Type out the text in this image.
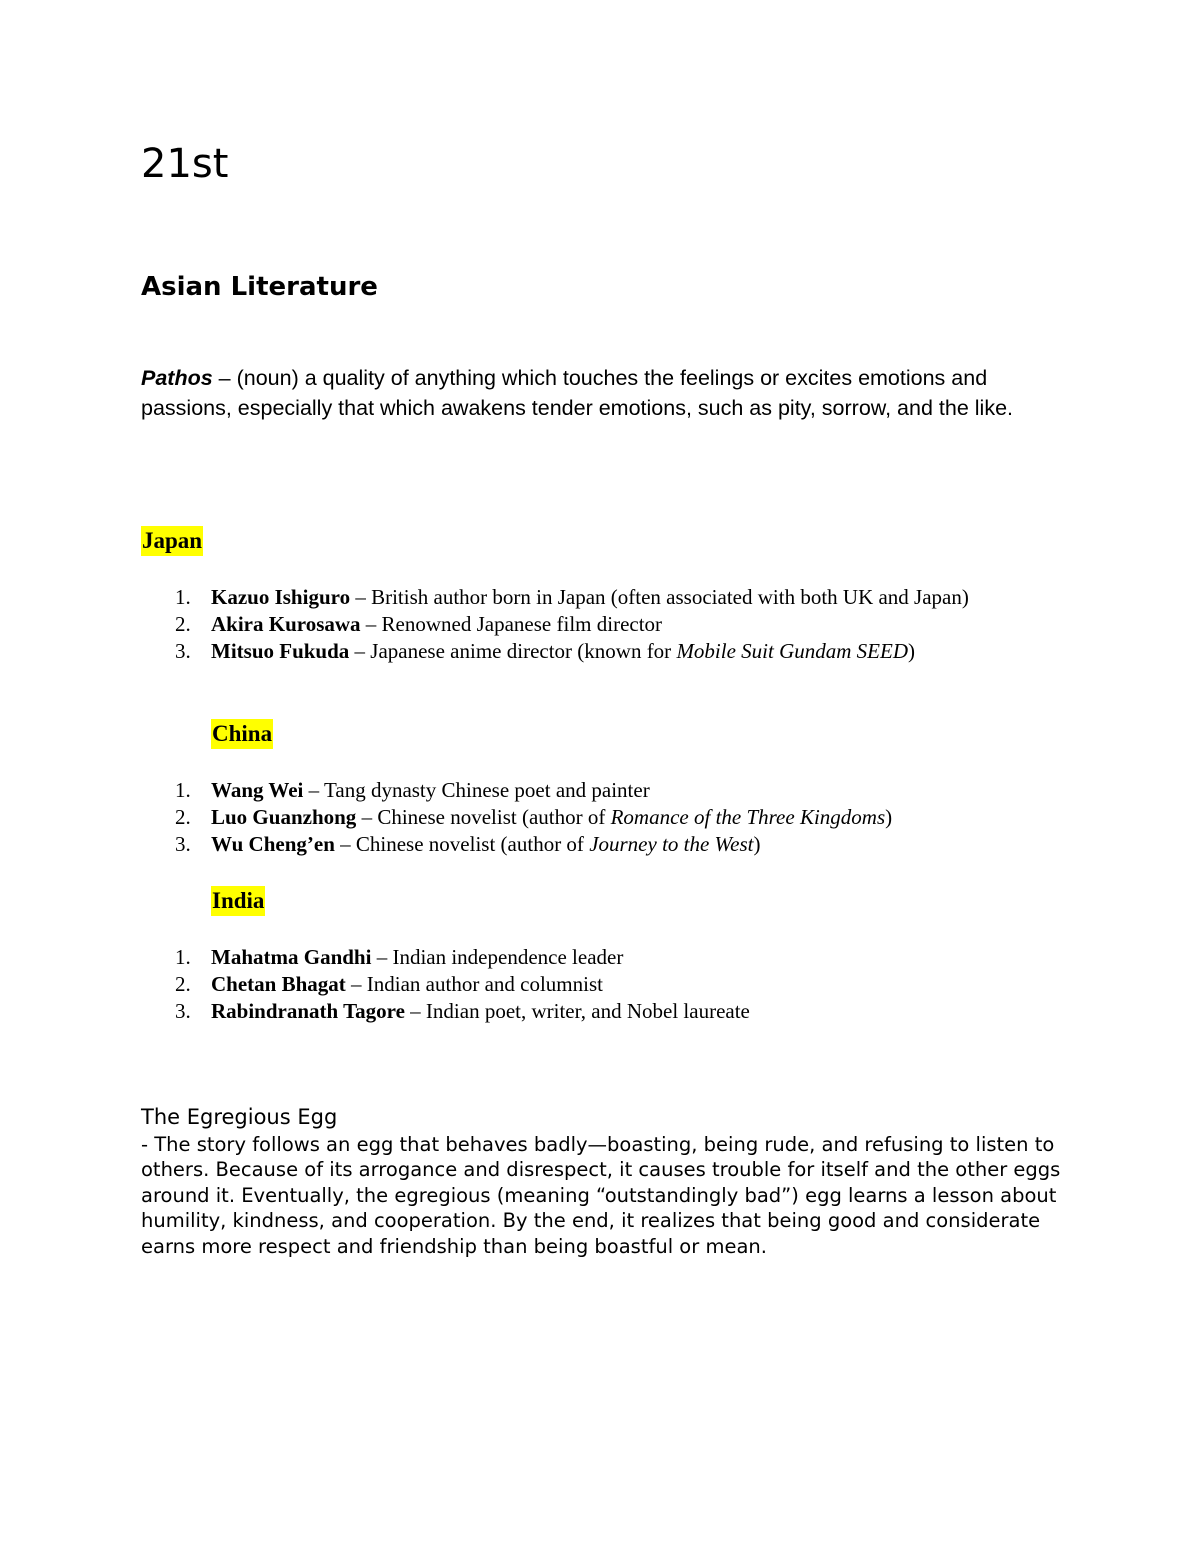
21st
Asian Literature
Pathos – (noun) a quality of anything which touches the feelings or excites emotions and passions, especially that which awakens tender emotions, such as pity, sorrow, and the like.
Japan
1. Kazuo Ishiguro – British author born in Japan (often associated with both UK and Japan)
2. Akira Kurosawa – Renowned Japanese film director
3. Mitsuo Fukuda – Japanese anime director (known for Mobile Suit Gundam SEED)
China
1. Wang Wei – Tang dynasty Chinese poet and painter
2. Luo Guanzhong – Chinese novelist (author of Romance of the Three Kingdoms)
3. Wu Cheng’en – Chinese novelist (author of Journey to the West)
India
1. Mahatma Gandhi – Indian independence leader
2. Chetan Bhagat – Indian author and columnist
3. Rabindranath Tagore – Indian poet, writer, and Nobel laureate
The Egregious Egg
- The story follows an egg that behaves badly—boasting, being rude, and refusing to listen to others. Because of its arrogance and disrespect, it causes trouble for itself and the other eggs around it. Eventually, the egregious (meaning “outstandingly bad”) egg learns a lesson about humility, kindness, and cooperation. By the end, it realizes that being good and considerate earns more respect and friendship than being boastful or mean.
